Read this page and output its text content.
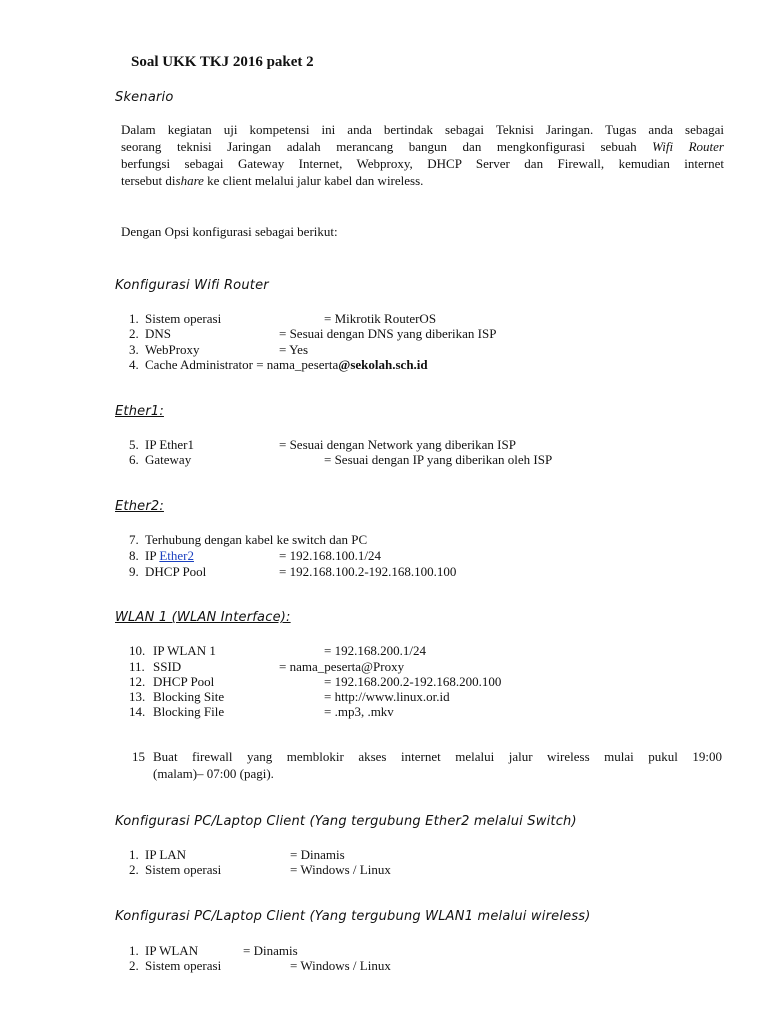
Soal UKK TKJ 2016 paket 2
Skenario
Dalam kegiatan uji kompetensi ini anda bertindak sebagai Teknisi Jaringan. Tugas anda sebagai
seorang teknisi Jaringan adalah merancang bangun dan mengkonfigurasi sebuah Wifi Router
berfungsi sebagai Gateway Internet, Webproxy, DHCP Server dan Firewall, kemudian internet
tersebut dishare ke client melalui jalur kabel dan wireless.
Dengan Opsi konfigurasi sebagai berikut:
Konfigurasi Wifi Router
1. Sistem operasi	= Mikrotik RouterOS
2. DNS	= Sesuai dengan DNS yang diberikan ISP
3. WebProxy	= Yes
4. Cache Administrator = nama_peserta@sekolah.sch.id
Ether1:
5. IP Ether1	= Sesuai dengan Network yang diberikan ISP
6. Gateway	= Sesuai dengan IP yang diberikan oleh ISP
Ether2:
7. Terhubung dengan kabel ke switch dan PC
8. IP Ether2	= 192.168.100.1/24
9. DHCP Pool	= 192.168.100.2-192.168.100.100
WLAN 1 (WLAN Interface):
10. IP WLAN 1	= 192.168.200.1/24
11. SSID	= nama_peserta@Proxy
12. DHCP Pool	= 192.168.200.2-192.168.200.100
13. Blocking Site	= http://www.linux.or.id
14. Blocking File	= .mp3, .mkv
15 Buat firewall yang memblokir akses internet melalui jalur wireless mulai pukul 19:00
(malam)– 07:00 (pagi).
Konfigurasi PC/Laptop Client (Yang tergubung Ether2 melalui Switch)
1. IP LAN	= Dinamis
2. Sistem operasi	= Windows / Linux
Konfigurasi PC/Laptop Client (Yang tergubung WLAN1 melalui wireless)
1. IP WLAN	= Dinamis
2. Sistem operasi	= Windows / Linux
